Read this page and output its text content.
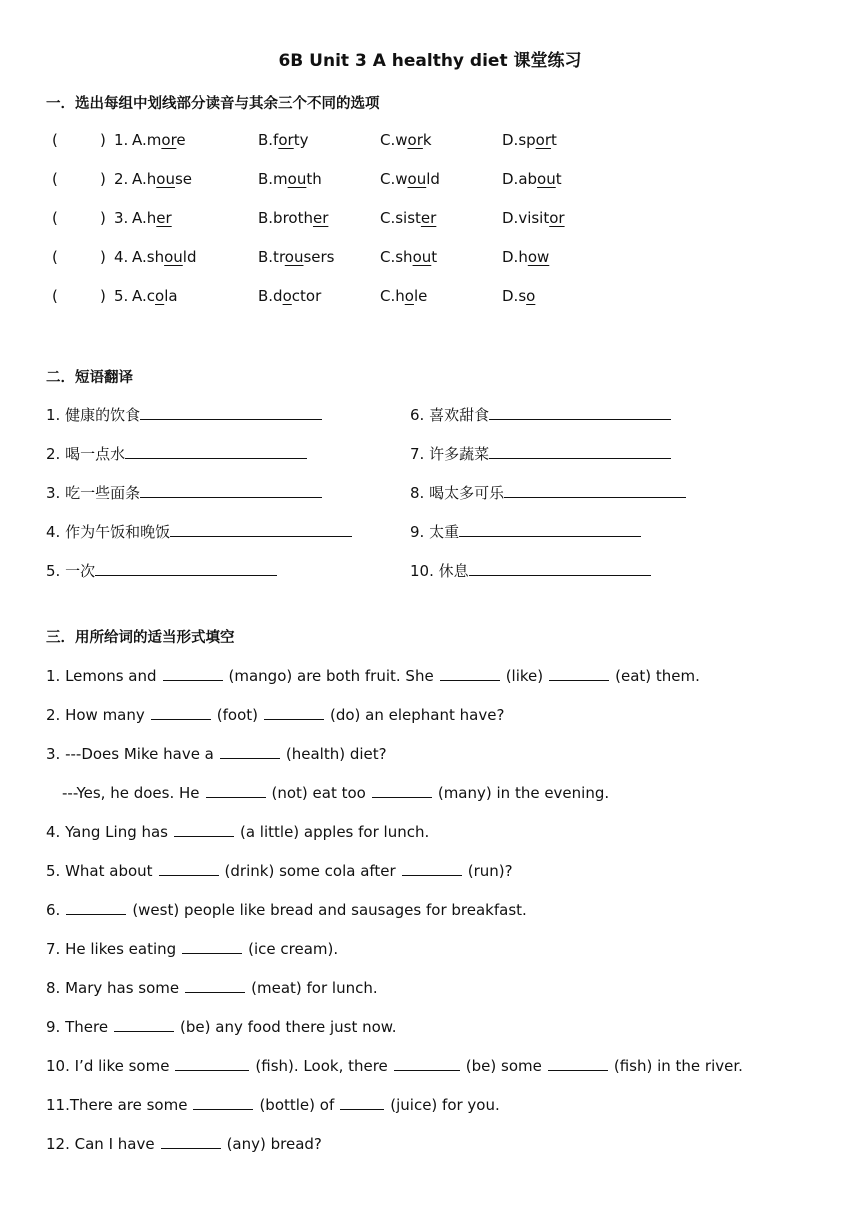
6B Unit 3 A healthy diet 课堂练习
一．选出每组中划线部分读音与其余三个不同的选项
(	) 1. A.more	B.forty	C.work	D.sport
(	) 2. A.house	B.mouth	C.would	D.about
(	) 3. A.her	B.brother	C.sister	D.visitor
(	) 4. A.should	B.trousers	C.shout	D.how
(	) 5. A.cola	B.doctor	C.hole	D.so
二．短语翻译
1. 健康的饮食
2. 喝一点水
3. 吃一些面条
4. 作为午饭和晚饭
5. 一次
6. 喜欢甜食
7. 许多蔬菜
8. 喝太多可乐
9. 太重
10. 休息
三．用所给词的适当形式填空
1. Lemons and	(mango) are both fruit. She	(like)	(eat) them.
2. How many	(foot)	(do) an elephant have?
3. ---Does Mike have a	(health) diet?
---Yes, he does. He	(not) eat too	(many) in the evening.
4. Yang Ling has	(a little) apples for lunch.
5. What about	(drink) some cola after	(run)?
6.	(west) people like bread and sausages for breakfast.
7. He likes eating	(ice cream).
8. Mary has some	(meat) for lunch.
9. There	(be) any food there just now.
10. I’d like some	(fish). Look, there	(be) some	(fish) in the river.
11.There are some	(bottle) of	(juice) for you.
12. Can I have	(any) bread?
